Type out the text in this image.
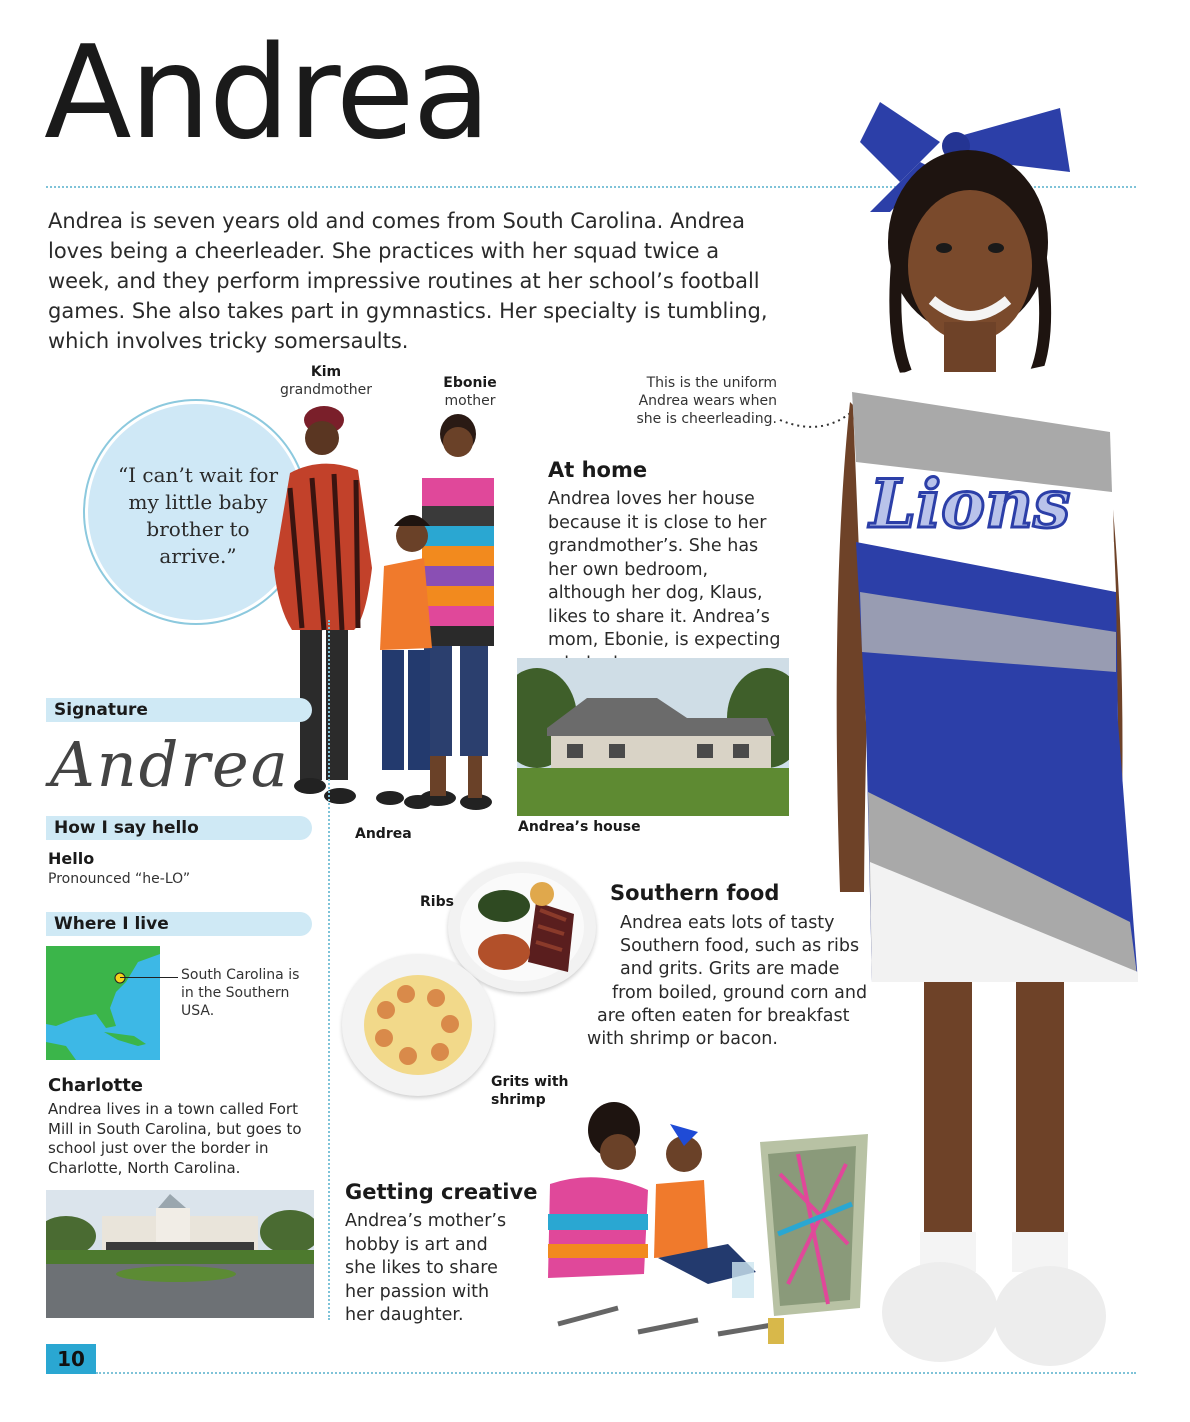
Andrea
Andrea is seven years old and comes from South Carolina. Andrea loves being a cheerleader. She practices with her squad twice a week, and they perform impressive routines at her school’s football games. She also takes part in gymnastics. Her specialty is tumbling, which involves tricky somersaults.
Kim
grandmother	Ebonie
mother
“I can’t wait for my little baby brother to arrive.”
Andrea
This is the uniform Andrea wears when she is cheerleading.
At home
Andrea loves her house because it is close to her grandmother’s. She has her own bedroom, although her dog, Klaus, likes to share it. Andrea’s mom, Ebonie, is expecting
Andrea’s house
Signature
Andrea
How I say hello
Hello
Pronounced “he-LO”
Where I live
South Carolina is in the Southern USA.
Charlotte
Andrea lives in a town called Fort Mill in South Carolina, but goes to school just over the border in Charlotte, North Carolina.
Ribs
Grits with shrimp
Southern food
Andrea eats lots of tasty
Southern food, such as ribs
and grits. Grits are made
from boiled, ground corn and
are often eaten for breakfast
with shrimp or bacon.
Getting creative
Andrea’s mother’s hobby is art and she likes to share her passion with her daughter.
Lions
10
